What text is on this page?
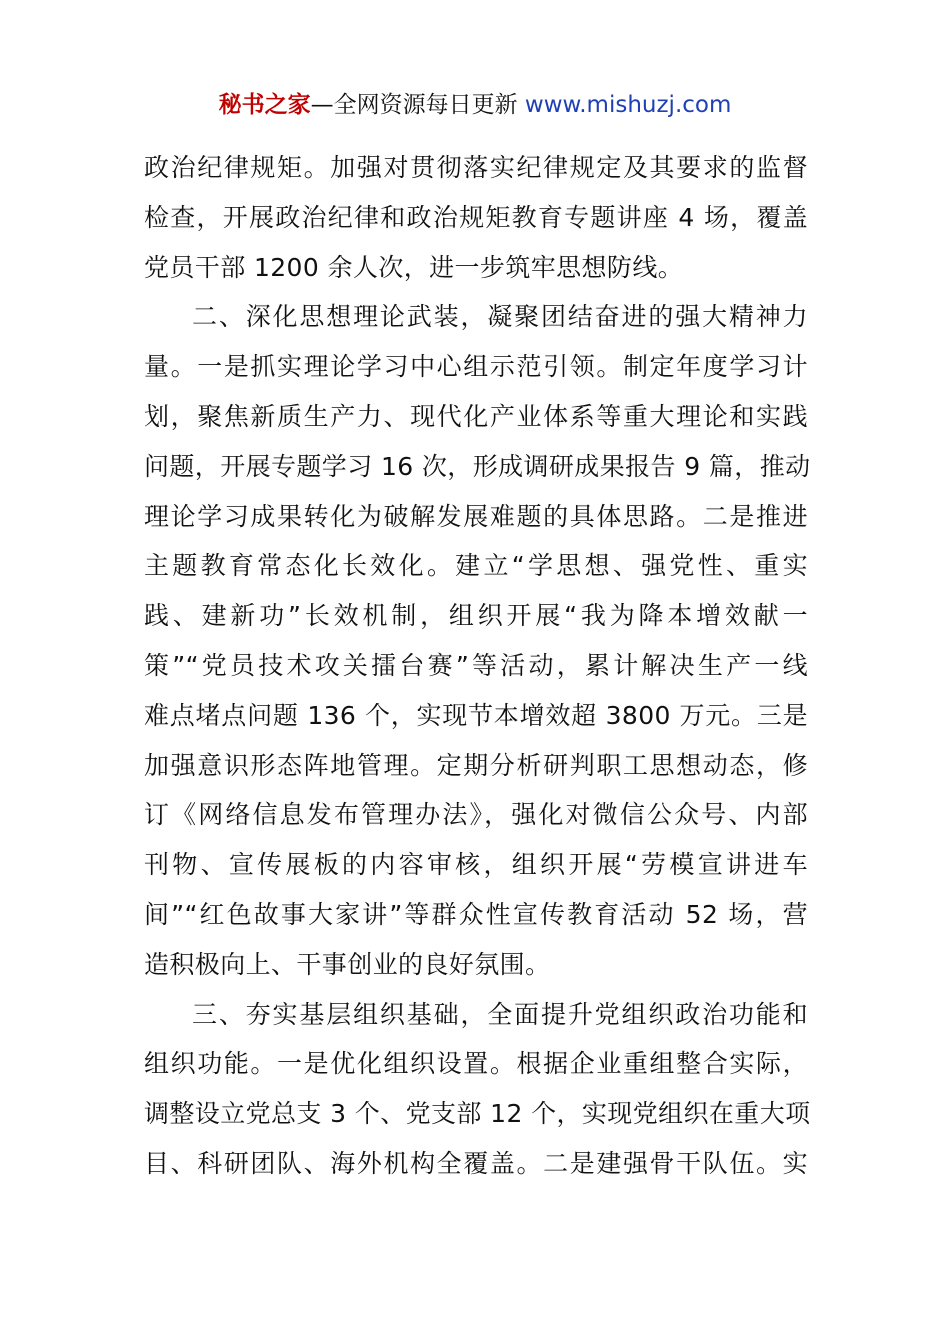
秘书之家—全网资源每日更新 www.mishuzj.com
政治纪律规矩。加强对贯彻落实纪律规定及其要求的监督
检查，开展政治纪律和政治规矩教育专题讲座 4 场，覆盖
党员干部 1200 余人次，进一步筑牢思想防线。
二、深化思想理论武装，凝聚团结奋进的强大精神力
量。一是抓实理论学习中心组示范引领。制定年度学习计
划，聚焦新质生产力、现代化产业体系等重大理论和实践
问题，开展专题学习 16 次，形成调研成果报告 9 篇，推动
理论学习成果转化为破解发展难题的具体思路。二是推进
主题教育常态化长效化。建立“学思想、强党性、重实
践、建新功”长效机制，组织开展“我为降本增效献一
策”“党员技术攻关擂台赛”等活动，累计解决生产一线
难点堵点问题 136 个，实现节本增效超 3800 万元。三是
加强意识形态阵地管理。定期分析研判职工思想动态，修
订《网络信息发布管理办法》，强化对微信公众号、内部
刊物、宣传展板的内容审核，组织开展“劳模宣讲进车
间”“红色故事大家讲”等群众性宣传教育活动 52 场，营
造积极向上、干事创业的良好氛围。
三、夯实基层组织基础，全面提升党组织政治功能和
组织功能。一是优化组织设置。根据企业重组整合实际，
调整设立党总支 3 个、党支部 12 个，实现党组织在重大项
目、科研团队、海外机构全覆盖。二是建强骨干队伍。实
